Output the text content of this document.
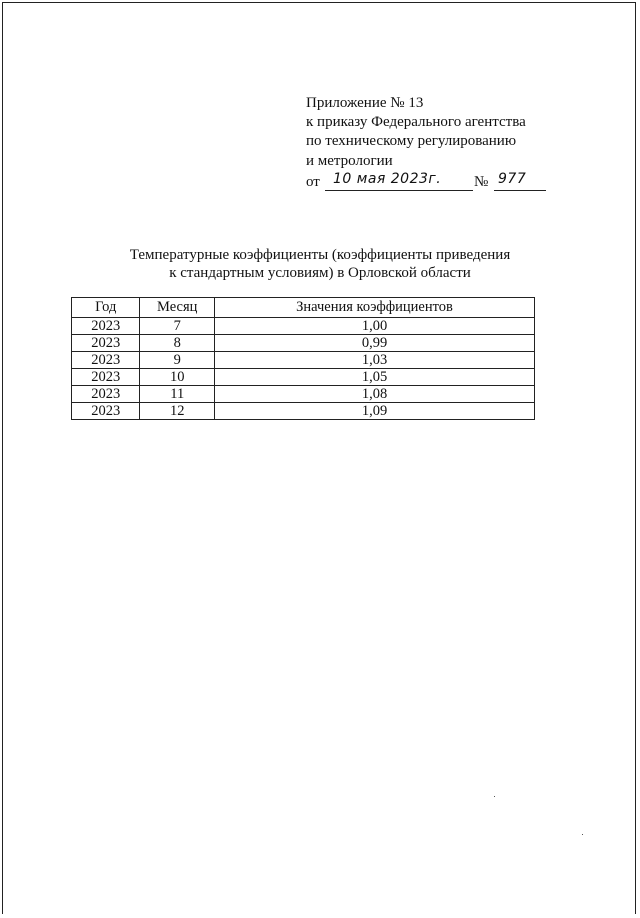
Приложение № 13
к приказу Федерального агентства
по техническому регулированию
и метрологии
от 10 мая 2023г. № 977
Температурные коэффициенты (коэффициенты приведения
к стандартным условиям) в Орловской области
Год	Месяц	Значения коэффициентов
2023	7	1,00
2023	8	0,99
2023	9	1,03
2023	10	1,05
2023	11	1,08
2023	12	1,09
